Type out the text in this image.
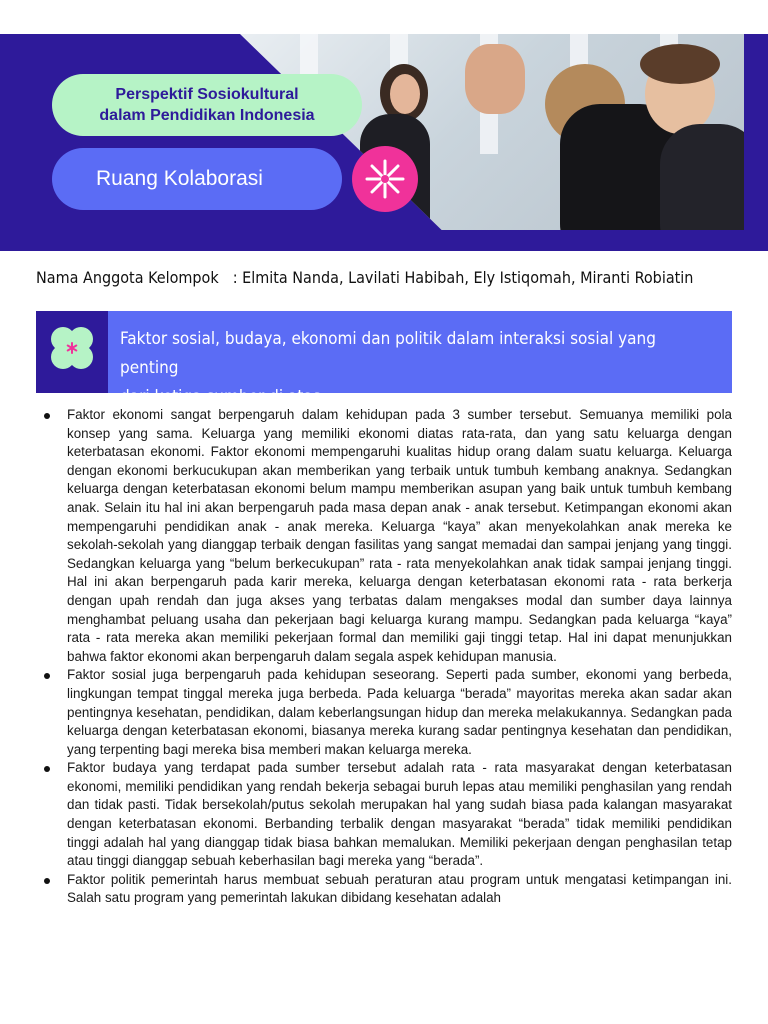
Perspektif Sosiokultural
dalam Pendidikan Indonesia
Ruang Kolaborasi
Nama Anggota Kelompok : Elmita Nanda, Lavilati Habibah, Ely Istiqomah, Miranti Robiatin
Faktor sosial, budaya, ekonomi dan politik dalam interaksi sosial yang penting
dari ketiga sumber di atas.
Faktor ekonomi sangat berpengaruh dalam kehidupan pada 3 sumber tersebut. Semuanya memiliki pola konsep yang sama. Keluarga yang memiliki ekonomi diatas rata-rata, dan yang satu keluarga dengan keterbatasan ekonomi. Faktor ekonomi mempengaruhi kualitas hidup orang dalam suatu keluarga. Keluarga dengan ekonomi berkucukupan akan memberikan yang terbaik untuk tumbuh kembang anaknya. Sedangkan keluarga dengan keterbatasan ekonomi belum mampu memberikan asupan yang baik untuk tumbuh kembang anak. Selain itu hal ini akan berpengaruh pada masa depan anak - anak tersebut. Ketimpangan ekonomi akan mempengaruhi pendidikan anak - anak mereka. Keluarga “kaya” akan menyekolahkan anak mereka ke sekolah-sekolah yang dianggap terbaik dengan fasilitas yang sangat memadai dan sampai jenjang yang tinggi. Sedangkan keluarga yang “belum berkecukupan” rata - rata menyekolahkan anak tidak sampai jenjang tinggi. Hal ini akan berpengaruh pada karir mereka, keluarga dengan keterbatasan ekonomi rata - rata berkerja dengan upah rendah dan juga akses yang terbatas dalam mengakses modal dan sumber daya lainnya menghambat peluang usaha dan pekerjaan bagi keluarga kurang mampu. Sedangkan pada keluarga “kaya” rata - rata mereka akan memiliki pekerjaan formal dan memiliki gaji tinggi tetap. Hal ini dapat menunjukkan bahwa faktor ekonomi akan berpengaruh dalam segala aspek kehidupan manusia.
Faktor sosial juga berpengaruh pada kehidupan seseorang. Seperti pada sumber, ekonomi yang berbeda, lingkungan tempat tinggal mereka juga berbeda. Pada keluarga “berada” mayoritas mereka akan sadar akan pentingnya kesehatan, pendidikan, dalam keberlangsungan hidup dan mereka melakukannya. Sedangkan pada keluarga dengan keterbatasan ekonomi, biasanya mereka kurang sadar pentingnya kesehatan dan pendidikan, yang terpenting bagi mereka bisa memberi makan keluarga mereka.
Faktor budaya yang terdapat pada sumber tersebut adalah rata - rata masyarakat dengan keterbatasan ekonomi, memiliki pendidikan yang rendah bekerja sebagai buruh lepas atau memiliki penghasilan yang rendah dan tidak pasti. Tidak bersekolah/putus sekolah merupakan hal yang sudah biasa pada kalangan masyarakat dengan keterbatasan ekonomi. Berbanding terbalik dengan masyarakat “berada” tidak memiliki pendidikan tinggi adalah hal yang dianggap tidak biasa bahkan memalukan. Memiliki pekerjaan dengan penghasilan tetap atau tinggi dianggap sebuah keberhasilan bagi mereka yang “berada”.
Faktor politik pemerintah harus membuat sebuah peraturan atau program untuk mengatasi ketimpangan ini. Salah satu program yang pemerintah lakukan dibidang kesehatan adalah
